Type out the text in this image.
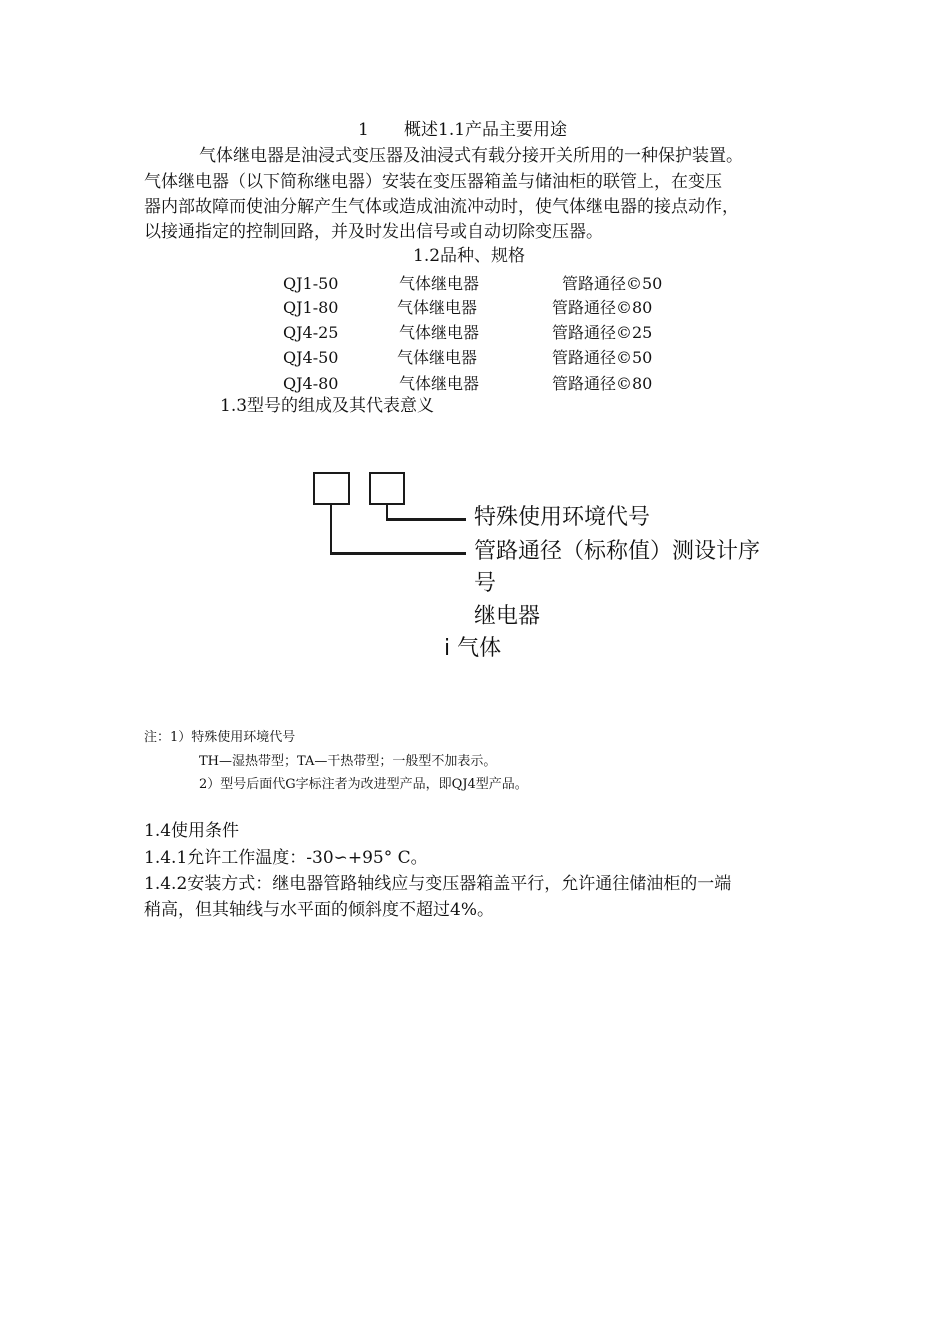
1 概述1.1产品主要用途
气体继电器是油浸式变压器及油浸式有载分接开关所用的一种保护装置。
气体继电器（以下简称继电器）安装在变压器箱盖与储油柜的联管上，在变压
器内部故障而使油分解产生气体或造成油流冲动时，使气体继电器的接点动作，
以接通指定的控制回路，并及时发出信号或自动切除变压器。
1.2品种、规格
QJ1-50	气体继电器	管路通径©50
QJ1-80	气体继电器	管路通径©80
QJ4-25	气体继电器	管路通径©25
QJ4-50	气体继电器	管路通径©50
QJ4-80	气体继电器	管路通径©80
1.3型号的组成及其代表意义
特殊使用环境代号
管路通径（标称值）测设计序
号
继电器
i 气体
注：1）特殊使用环境代号
TH—湿热带型；TA—干热带型；一般型不加表示。
2）型号后面代G字标注者为改进型产品，即QJ4型产品。
1.4使用条件
1.4.1允许工作温度：-30∽+95° C。
1.4.2安装方式：继电器管路轴线应与变压器箱盖平行，允许通往储油柜的一端
稍高，但其轴线与水平面的倾斜度不超过4%。
